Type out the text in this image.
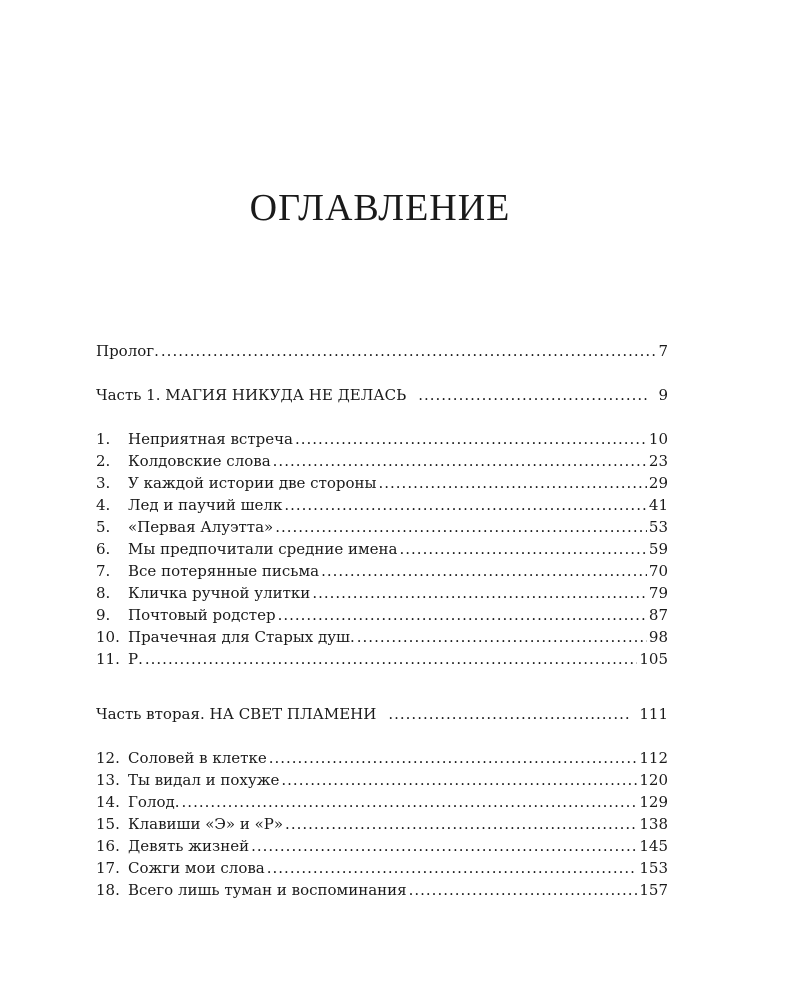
ОГЛАВЛЕНИЕ
Пролог. .....	7
Часть 1. МАГИЯ НИКУДА НЕ ДЕЛАСЬ .....	9
1.	Неприятная встреча .....	10
2.	Колдовские слова .....	23
3.	У каждой истории две стороны .....	29
4.	Лед и паучий шелк .....	41
5.	«Первая Алуэтта» .....	53
6.	Мы предпочитали средние имена .....	59
7.	Все потерянные письма .....	70
8.	Кличка ручной улитки .....	79
9.	Почтовый родстер .....	87
10. Прачечная для Старых душ. .....	98
11. Р. .....	105
Часть вторая. НА СВЕТ ПЛАМЕНИ .....	111
12. Соловей в клетке .....	112
13. Ты видал и похуже .....	120
14. Голод. .....	129
15. Клавиши «Э» и «Р» .....	138
16. Девять жизней .....	145
17. Сожги мои слова .....	153
18. Всего лишь туман и воспоминания .....	157
